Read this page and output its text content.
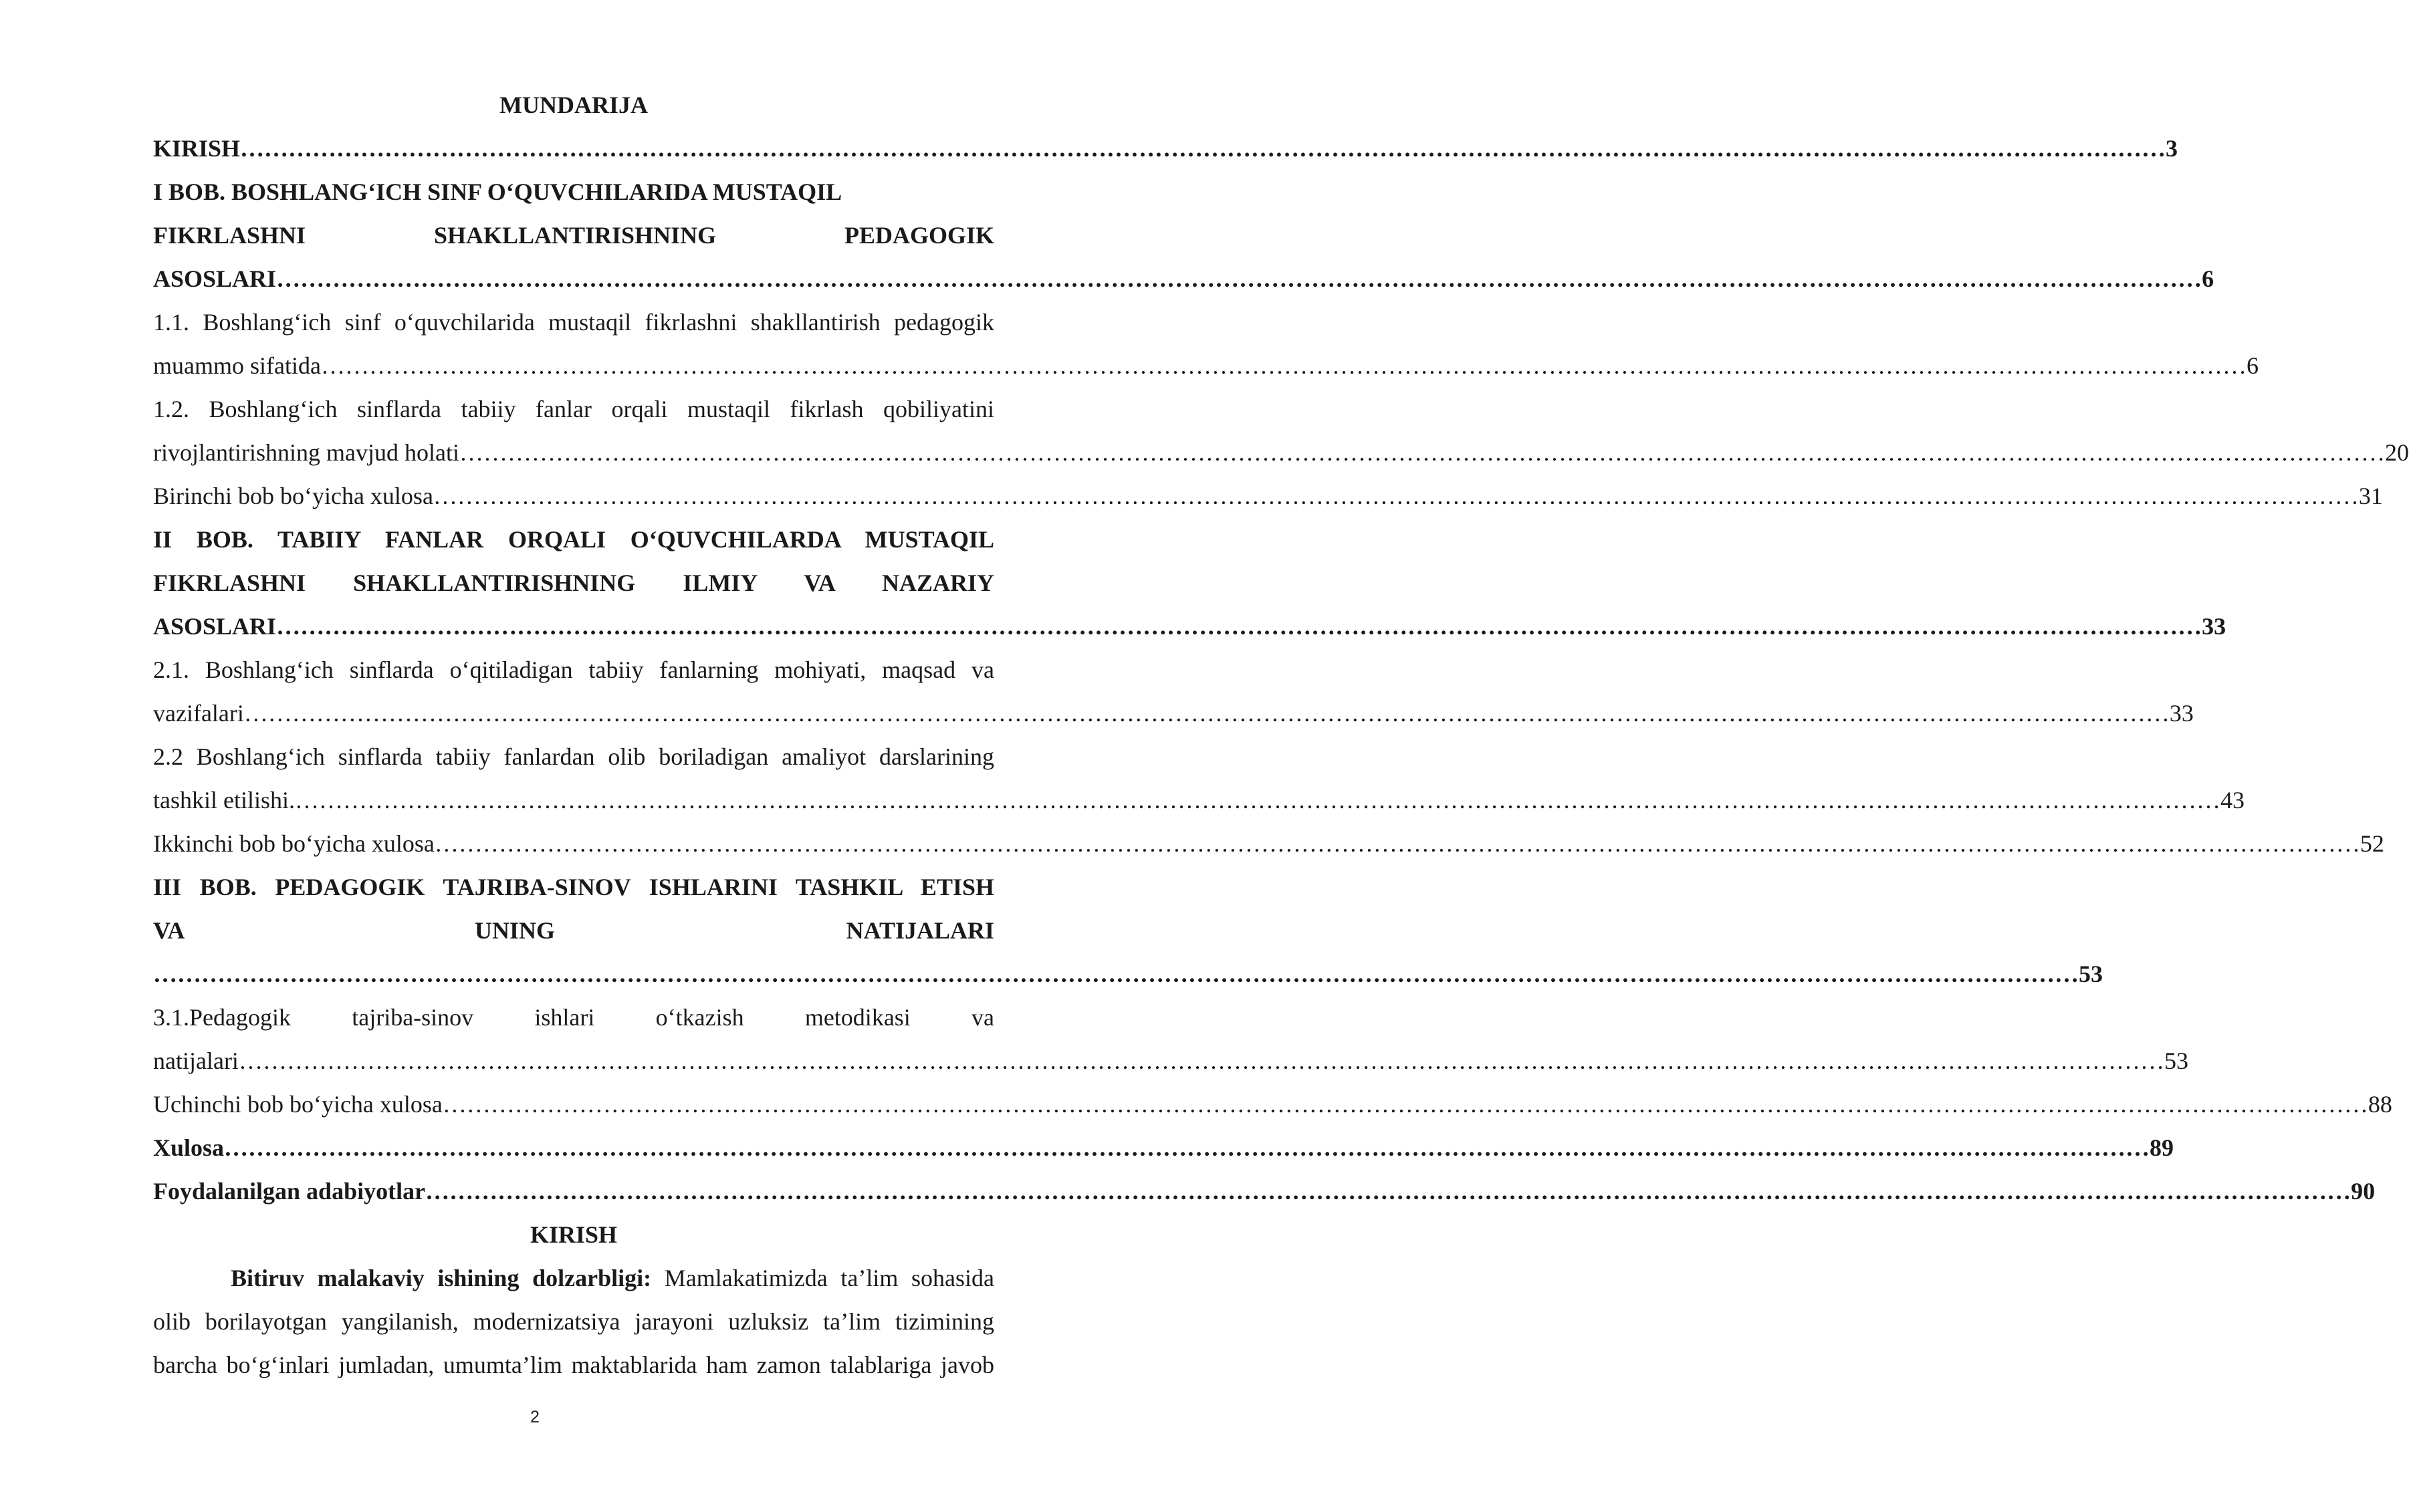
MUNDARIJA
KIRISH …………………………………………………………………………………………………………………………………………………………………………………………………………………… 3
I BOB. BOSHLANG‘ICH SINF O‘QUVCHILARIDA MUSTAQIL
FIKRLASHNI	SHAKLLANTIRISHNING	PEDAGOGIK
ASOSLARI …………………………………………………………………………………………………………………………………………………………………………………………………………………… 6
1.1. Boshlang‘ich sinf o‘quvchilarida mustaqil fikrlashni shakllantirish pedagogik
muammo sifatida …………………………………………………………………………………………………………………………………………………………………………………………………………………… 6
1.2. Boshlang‘ich sinflarda tabiiy fanlar orqali mustaqil fikrlash qobiliyatini
rivojlantirishning mavjud holati …………………………………………………………………………………………………………………………………………………………………………………………………………………… 20
Birinchi bob bo‘yicha xulosa …………………………………………………………………………………………………………………………………………………………………………………………………………………… 31
II BOB. TABIIY FANLAR ORQALI O‘QUVCHILARDA MUSTAQIL
FIKRLASHNI SHAKLLANTIRISHNING ILMIY VA NAZARIY
ASOSLARI …………………………………………………………………………………………………………………………………………………………………………………………………………………… 33
2.1. Boshlang‘ich sinflarda o‘qitiladigan tabiiy fanlarning mohiyati, maqsad va
vazifalari …………………………………………………………………………………………………………………………………………………………………………………………………………………… 33
2.2 Boshlang‘ich sinflarda tabiiy fanlardan olib boriladigan amaliyot darslarining
tashkil etilishi. …………………………………………………………………………………………………………………………………………………………………………………………………………………… 43
Ikkinchi bob bo‘yicha xulosa …………………………………………………………………………………………………………………………………………………………………………………………………………………… 52
III BOB. PEDAGOGIK TAJRIBA-SINOV ISHLARINI TASHKIL ETISH
VA	UNING	NATIJALARI
…………………………………………………………………………………………………………………………………………………………………………………………………………………… 53
3.1.Pedagogik	tajriba-sinov	ishlari	o‘tkazish	metodikasi	va
natijalari …………………………………………………………………………………………………………………………………………………………………………………………………………………… 53
Uchinchi bob bo‘yicha xulosa …………………………………………………………………………………………………………………………………………………………………………………………………………………… 88
Xulosa …………………………………………………………………………………………………………………………………………………………………………………………………………………… 89
Foydalanilgan adabiyotlar …………………………………………………………………………………………………………………………………………………………………………………………………………………… 90
KIRISH
Bitiruv malakaviy ishining dolzarbligi: Mamlakatimizda ta’lim sohasida
olib borilayotgan yangilanish, modernizatsiya jarayoni uzluksiz ta’lim tizimining
barcha bo‘g‘inlari jumladan, umumta’lim maktablarida ham zamon talablariga javob
2
